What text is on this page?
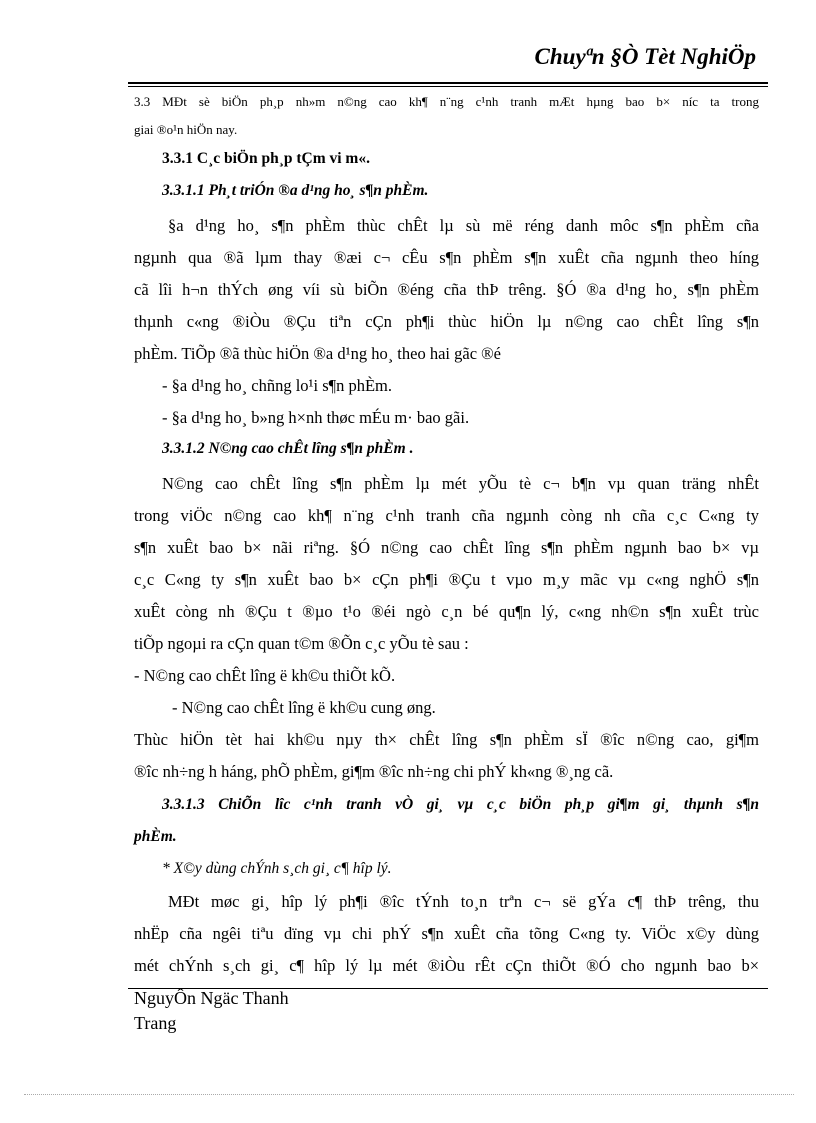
Chuyªn §Ò Tèt NghiÖp
3.3 MÐt sè biÖn ph¸p nh»m n©ng cao kh¶ n¨ng c¹nh tranh mÆt hµng bao b× níc ta trong
giai ®o¹n hiÖn nay.
3.3.1 C¸c biÖn ph¸p tÇm vi m«.
3.3.1.1 Ph¸t triÓn ®a d¹ng ho¸ s¶n phÈm.
§a d¹ng ho¸ s¶n phÈm thùc chÊt lµ sù më réng danh môc s¶n phÈm cña
ngµnh qua ®ã lµm thay ®æi c¬ cÊu s¶n phÈm s¶n xuÊt cña ngµnh theo híng
cã lîi h¬n thÝch øng víi sù biÕn ®éng cña thÞ trêng. §Ó ®a d¹ng ho¸ s¶n phÈm
thµnh c«ng ®iÒu ®Çu tiªn cÇn ph¶i thùc hiÖn lµ n©ng cao chÊt lîng s¶n
phÈm. TiÕp ®ã thùc hiÖn ®a d¹ng ho¸ theo hai gãc ®é
- §a d¹ng ho¸ chñng lo¹i s¶n phÈm.
- §a d¹ng ho¸ b»ng h×nh thøc mÉu m· bao gãi.
3.3.1.2 N©ng cao chÊt lîng s¶n phÈm .
N©ng cao chÊt lîng s¶n phÈm lµ mét yÕu tè c¬ b¶n vµ quan träng nhÊt
trong viÖc n©ng cao kh¶ n¨ng c¹nh tranh cña ngµnh còng nh cña c¸c C«ng ty
s¶n xuÊt bao b× nãi riªng. §Ó n©ng cao chÊt lîng s¶n phÈm ngµnh bao b× vµ
c¸c C«ng ty s¶n xuÊt bao b× cÇn ph¶i ®Çu t vµo m¸y mãc vµ c«ng nghÖ s¶n
xuÊt còng nh ®Çu t ®µo t¹o ®éi ngò c¸n bé qu¶n lý, c«ng nh©n s¶n xuÊt trùc
tiÕp ngoµi ra cÇn quan t©m ®Õn c¸c yÕu tè sau :
- N©ng cao chÊt lîng ë kh©u thiÕt kÕ.
- N©ng cao chÊt lîng ë kh©u cung øng.
Thùc hiÖn tèt hai kh©u nµy th× chÊt lîng s¶n phÈm sÏ ®îc n©ng cao, gi¶m
®îc nh÷ng h háng, phÕ phÈm, gi¶m ®îc nh÷ng chi phÝ kh«ng ®¸ng cã.
3.3.1.3 ChiÕn lîc c¹nh tranh vÒ gi¸ vµ c¸c biÖn ph¸p gi¶m gi¸ thµnh s¶n
phÈm.
* X©y dùng chÝnh s¸ch gi¸ c¶ hîp lý.
MÐt møc gi¸ hîp lý ph¶i ®îc tÝnh to¸n trªn c¬ së gÝa c¶ thÞ trêng, thu
nhËp cña ngêi tiªu dïng vµ chi phÝ s¶n xuÊt cña tõng C«ng ty. ViÖc x©y dùng
mét chÝnh s¸ch gi¸ c¶ hîp lý lµ mét ®iÒu rÊt cÇn thiÕt ®Ó cho ngµnh bao b×
NguyÔn Ngäc Thanh
Trang
